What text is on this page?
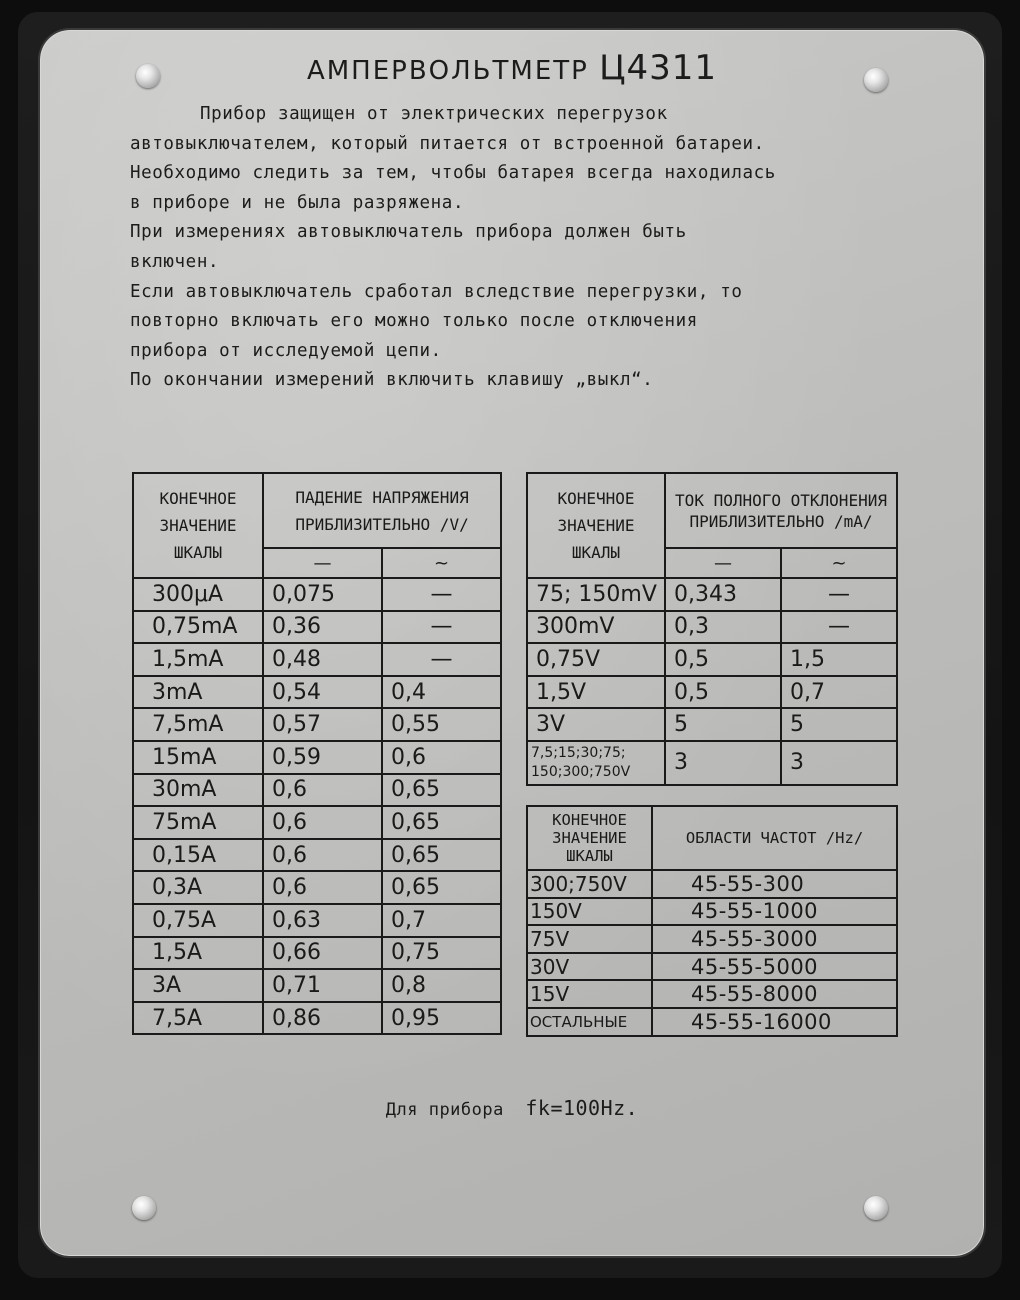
АМПЕРВОЛЬТМЕТР Ц4311
Прибор защищен от электрических перегрузок
автовыключателем, который питается от встроенной батареи.
Необходимо следить за тем, чтобы батарея всегда находилась
в приборе и не была разряжена.
При измерениях автовыключатель прибора должен быть
включен.
Если автовыключатель сработал вследствие перегрузки, то
повторно включать его можно только после отключения
прибора от исследуемой цепи.
По окончании измерений включить клавишу „выкл“.
КОНЕЧНОЕ ЗНАЧЕНИЕ ШКАЛЫ	ПАДЕНИЕ НАПРЯЖЕНИЯ ПРИБЛИЗИТЕЛЬНО /V/	
	—	~
300μA	0,075	—
0,75mA	0,36	—
1,5mA	0,48	—
3mA	0,54	0,4
7,5mA	0,57	0,55
15mA	0,59	0,6
30mA	0,6	0,65
75mA	0,6	0,65
0,15A	0,6	0,65
0,3A	0,6	0,65
0,75A	0,63	0,7
1,5A	0,66	0,75
3A	0,71	0,8
7,5A	0,86	0,95
КОНЕЧНОЕ ЗНАЧЕНИЕ ШКАЛЫ	ТОК ПОЛНОГО ОТКЛОНЕНИЯ ПРИБЛИЗИТЕЛЬНО /mA/	
	—	~
75; 150mV	0,343	—
300mV	0,3	—
0,75V	0,5	1,5
1,5V	0,5	0,7
3V	5	5

7,5;15;30;75;
150;300;750V	3	3
КОНЕЧНОЕ ЗНАЧЕНИЕ ШКАЛЫ	ОБЛАСТИ ЧАСТОТ /Hz/
300;750V	45-55-300
150V	45-55-1000
75V	45-55-3000
30V	45-55-5000
15V	45-55-8000
ОСТАЛЬНЫЕ	45-55-16000
Для прибора fk=100Hz.
